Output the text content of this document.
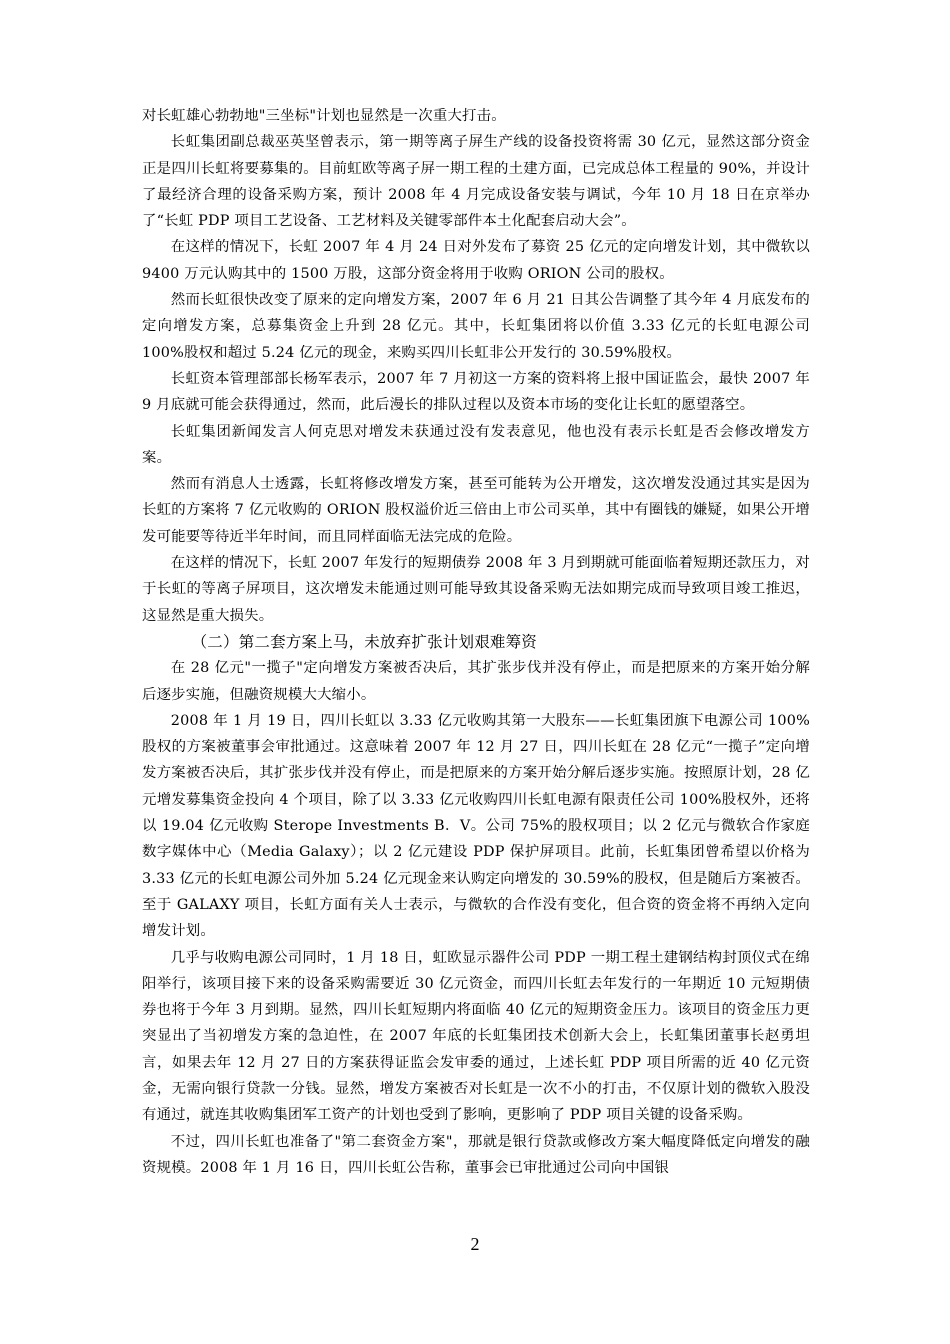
对长虹雄心勃勃地"三坐标"计划也显然是一次重大打击。

长虹集团副总裁巫英坚曾表示，第一期等离子屏生产线的设备投资将需 30 亿元，显然这部分资金正是四川长虹将要募集的。目前虹欧等离子屏一期工程的土建方面，已完成总体工程量的 90%，并设计了最经济合理的设备采购方案，预计 2008 年 4 月完成设备安装与调试，今年 10 月 18 日在京举办了“长虹 PDP 项目工艺设备、工艺材料及关键零部件本土化配套启动大会”。

在这样的情况下，长虹 2007 年 4 月 24 日对外发布了募资 25 亿元的定向增发计划，其中微软以 9400 万元认购其中的 1500 万股，这部分资金将用于收购 ORION 公司的股权。

然而长虹很快改变了原来的定向增发方案，2007 年 6 月 21 日其公告调整了其今年 4 月底发布的定向增发方案，总募集资金上升到 28 亿元。其中，长虹集团将以价值 3.33 亿元的长虹电源公司 100%股权和超过 5.24 亿元的现金，来购买四川长虹非公开发行的 30.59%股权。

长虹资本管理部部长杨军表示，2007 年 7 月初这一方案的资料将上报中国证监会，最快 2007 年 9 月底就可能会获得通过，然而，此后漫长的排队过程以及资本市场的变化让长虹的愿望落空。

长虹集团新闻发言人何克思对增发未获通过没有发表意见，他也没有表示长虹是否会修改增发方案。

然而有消息人士透露，长虹将修改增发方案，甚至可能转为公开增发，这次增发没通过其实是因为长虹的方案将 7 亿元收购的 ORION 股权溢价近三倍由上市公司买单，其中有圈钱的嫌疑，如果公开增发可能要等待近半年时间，而且同样面临无法完成的危险。

在这样的情况下，长虹 2007 年发行的短期债券 2008 年 3 月到期就可能面临着短期还款压力，对于长虹的等离子屏项目，这次增发未能通过则可能导致其设备采购无法如期完成而导致项目竣工推迟，这显然是重大损失。

（二）第二套方案上马，未放弃扩张计划艰难筹资

在 28 亿元"一揽子"定向增发方案被否决后，其扩张步伐并没有停止，而是把原来的方案开始分解后逐步实施，但融资规模大大缩小。

2008 年 1 月 19 日，四川长虹以 3.33 亿元收购其第一大股东——长虹集团旗下电源公司 100%股权的方案被董事会审批通过。这意味着 2007 年 12 月 27 日，四川长虹在 28 亿元“一揽子”定向增发方案被否决后，其扩张步伐并没有停止，而是把原来的方案开始分解后逐步实施。按照原计划，28 亿元增发募集资金投向 4 个项目，除了以 3.33 亿元收购四川长虹电源有限责任公司 100%股权外，还将以 19.04 亿元收购 Sterope Investments B．V。公司 75%的股权项目；以 2 亿元与微软合作家庭数字媒体中心（Media Galaxy）；以 2 亿元建设 PDP 保护屏项目。此前，长虹集团曾希望以价格为 3.33 亿元的长虹电源公司外加 5.24 亿元现金来认购定向增发的 30.59%的股权，但是随后方案被否。至于 GALAXY 项目，长虹方面有关人士表示，与微软的合作没有变化，但合资的资金将不再纳入定向增发计划。

几乎与收购电源公司同时，1 月 18 日，虹欧显示器件公司 PDP 一期工程土建钢结构封顶仪式在绵阳举行，该项目接下来的设备采购需要近 30 亿元资金，而四川长虹去年发行的一年期近 10 元短期债券也将于今年 3 月到期。显然，四川长虹短期内将面临 40 亿元的短期资金压力。该项目的资金压力更突显出了当初增发方案的急迫性，在 2007 年底的长虹集团技术创新大会上，长虹集团董事长赵勇坦言，如果去年 12 月 27 日的方案获得证监会发审委的通过，上述长虹 PDP 项目所需的近 40 亿元资金，无需向银行贷款一分钱。显然，增发方案被否对长虹是一次不小的打击，不仅原计划的微软入股没有通过，就连其收购集团军工资产的计划也受到了影响，更影响了 PDP 项目关键的设备采购。

不过，四川长虹也准备了"第二套资金方案"，那就是银行贷款或修改方案大幅度降低定向增发的融资规模。2008 年 1 月 16 日，四川长虹公告称，董事会已审批通过公司向中国银

2
